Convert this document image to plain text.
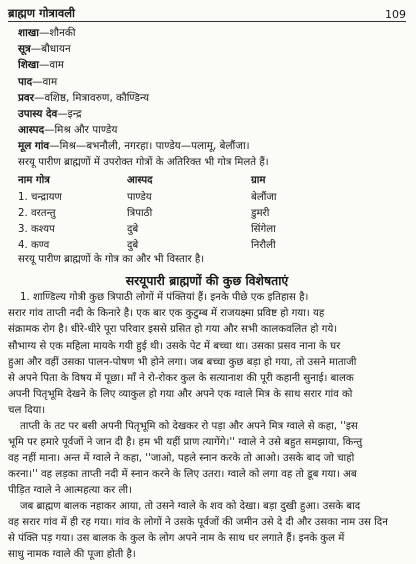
ब्राह्मण गोत्रावली	109
शाखा—शौनकी
सूत्र—बौधायन
शिखा—वाम
पाद—वाम
प्रवर—वशिष्ठ, मित्रावरुण, कौण्डिन्य
उपास्य देव—इन्द्र
आस्पद—मिश्र और पाण्डेय
मूल गांव—मिश्र—बभनौली, नगरहा। पाण्डेय—पलामू, बेलौंजा।
सरयू पारीण ब्राह्मणों में उपरोक्त गोत्रों के अतिरिक्त भी गोत्र मिलते हैं।
नाम गोत्र	आस्पद	ग्राम
1. चन्द्रायण	पाण्डेय	बेलौंजा
2. वरतन्तु	त्रिपाठी	डुमरी
3. कश्यप	दुबे	सिंगेला
4. कण्व	दुबे	निरौली
सरयू पारीण ब्राह्मणों के गोत्र का और भी विस्तार है।
सरयूपारी ब्राह्मणों की कुछ विशेषताएं
1. शाण्डिल्य गोत्री कुछ त्रिपाठी लोगों में पंक्तियां हैं। इनके पीछे एक इतिहास है।
सरार गांव ताप्ती नदी के किनारे है। एक बार एक कुटुम्ब में राजयक्ष्मा प्रविष्ट हो गया। यह
संक्रामक रोग है। धीरे-धीरे पूरा परिवार इससे ग्रसित हो गया और सभी कालकवलित हो गये।
सौभाग्य से एक महिला मायके गयी हुई थी। उसके पेट में बच्चा था। उसका प्रसव नाना के घर
हुआ और वहीं उसका पालन-पोषण भी होने लगा। जब बच्चा कुछ बड़ा हो गया, तो उसने माताजी
से अपने पिता के विषय में पूछा। माँ ने रो-रोकर कुल के सत्यानाश की पूरी कहानी सुनाई। बालक
अपनी पितृभूमि देखने के लिए व्याकुल हो गया और अपने एक ग्वाले मित्र के साथ सरार गांव को
चल दिया।
ताप्ती के तट पर बसी अपनी पितृभूमि को देखकर रो पड़ा और अपने मित्र ग्वाले से कहा, ''इस
भूमि पर हमारे पूर्वजों ने जान दी है। हम भी यहीं प्राण त्यागेंगे।'' ग्वाले ने उसे बहुत समझाया, किन्तु
वह नहीं माना। अन्त में ग्वाले ने कहा, ''जाओ, पहले स्नान करके तो आओ। उसके बाद जो चाहो
करना।'' वह लड़का ताप्ती नदी में स्नान करने के लिए उतरा। ग्वाले को लगा वह तो डूब गया। अब
पीड़ित ग्वाले ने आत्महत्या कर ली।
जब ब्राह्मण बालक नहाकर आया, तो उसने ग्वाले के शव को देखा। बड़ा दुखी हुआ। उसके बाद
वह सरार गांव में ही रह गया। गांव के लोगों ने उसके पूर्वजों की जमीन उसे दे दी और उसका नाम उस दिन
से पंक्ति पड़ गया। उस बालक के कुल के लोग अपने नाम के साथ धर लगाते हैं। इनके कुल में
साधु नामक ग्वाले की पूजा होती है।
